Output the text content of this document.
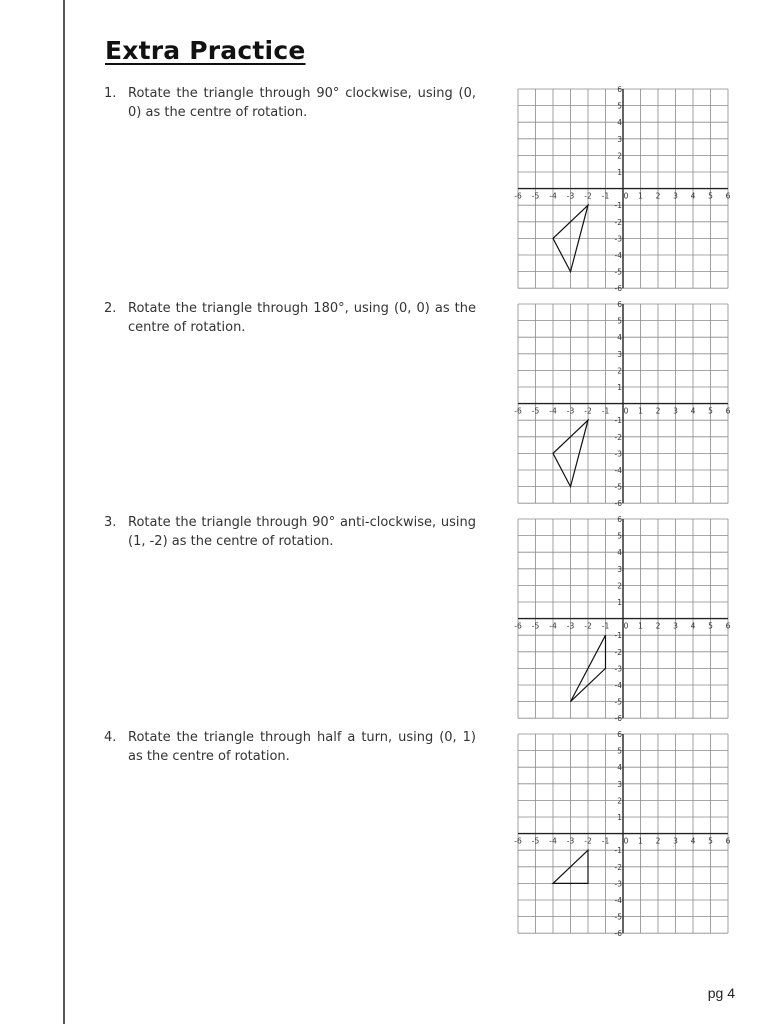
Extra Practice
1. Rotate the triangle through 90° clockwise, using (0, 0) as the centre of rotation.
-6 -5 -4 -3 -2 -1 0 1 2 3 4 5 6
6
5
4
3
2
1
-1
-2
-3
-4
-5
-6
2. Rotate the triangle through 180°, using (0, 0) as the centre of rotation.
-6 -5 -4 -3 -2 -1 0 1 2 3 4 5 6
6
5
4
3
2
1
-1
-2
-3
-4
-5
-6
3. Rotate the triangle through 90° anti-clockwise, using (1, -2) as the centre of rotation.
-6 -5 -4 -3 -2 -1 0 1 2 3 4 5 6
6
5
4
3
2
1
-1
-2
-3
-4
-5
-6
4. Rotate the triangle through half a turn, using (0, 1) as the centre of rotation.
-6 -5 -4 -3 -2 -1 0 1 2 3 4 5 6
6
5
4
3
2
1
-1
-2
-3
-4
-5
-6
pg 4
